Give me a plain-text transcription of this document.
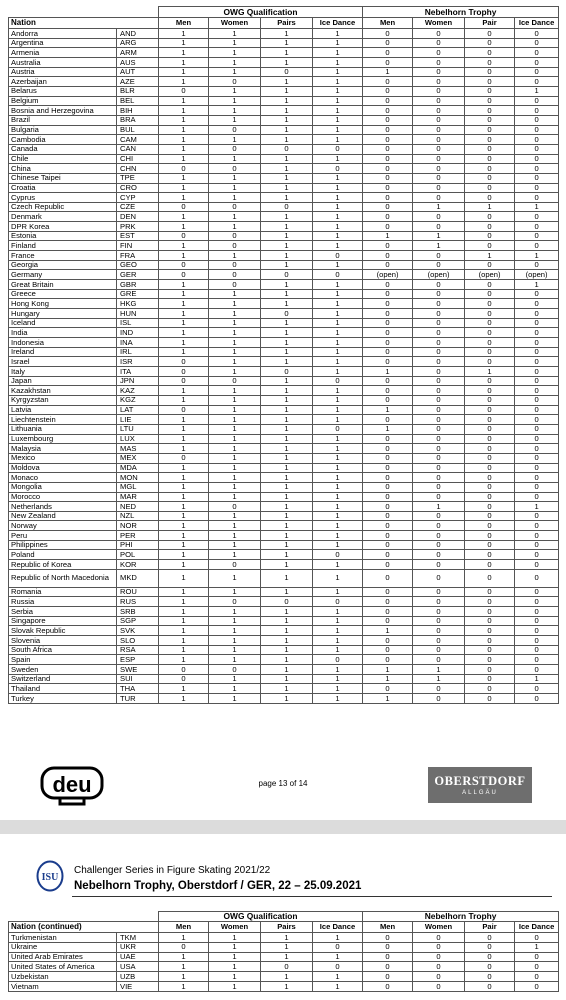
		OWG Qualification				Nebelhorn Trophy			
Nation		Men	Women	Pairs	Ice Dance	Men	Women	Pair	Ice Dance
Andorra	AND	1	1	1	1	0	0	0	0
Argentina	ARG	1	1	1	1	0	0	0	0
Armenia	ARM	1	1	1	1	0	0	0	0
Australia	AUS	1	1	1	1	0	0	0	0
Austria	AUT	1	1	0	1	1	0	0	0
Azerbaijan	AZE	1	0	1	1	0	0	0	0
Belarus	BLR	0	1	1	1	0	0	0	1
Belgium	BEL	1	1	1	1	0	0	0	0
Bosnia and Herzegovina	BIH	1	1	1	1	0	0	0	0
Brazil	BRA	1	1	1	1	0	0	0	0
Bulgaria	BUL	1	0	1	1	0	0	0	0
Cambodia	CAM	1	1	1	1	0	0	0	0
Canada	CAN	1	0	0	0	0	0	0	0
Chile	CHI	1	1	1	1	0	0	0	0
China	CHN	0	0	1	0	0	0	0	0
Chinese Taipei	TPE	1	1	1	1	0	0	0	0
Croatia	CRO	1	1	1	1	0	0	0	0
Cyprus	CYP	1	1	1	1	0	0	0	0
Czech Republic	CZE	0	0	0	1	0	1	1	1
Denmark	DEN	1	1	1	1	0	0	0	0
DPR Korea	PRK	1	1	1	1	0	0	0	0
Estonia	EST	0	0	1	1	1	1	0	0
Finland	FIN	1	0	1	1	0	1	0	0
France	FRA	1	1	1	0	0	0	1	1
Georgia	GEO	0	0	1	1	0	0	0	0
Germany	GER	0	0	0	0	(open)	(open)	(open)	(open)
Great Britain	GBR	1	0	1	1	0	0	0	1
Greece	GRE	1	1	1	1	0	0	0	0
Hong Kong	HKG	1	1	1	1	0	0	0	0
Hungary	HUN	1	1	0	1	0	0	0	0
Iceland	ISL	1	1	1	1	0	0	0	0
India	IND	1	1	1	1	0	0	0	0
Indonesia	INA	1	1	1	1	0	0	0	0
Ireland	IRL	1	1	1	1	0	0	0	0
Israel	ISR	0	1	1	1	0	0	0	0
Italy	ITA	0	1	0	1	1	0	1	0
Japan	JPN	0	0	1	0	0	0	0	0
Kazakhstan	KAZ	1	1	1	1	0	0	0	0
Kyrgyzstan	KGZ	1	1	1	1	0	0	0	0
Latvia	LAT	0	1	1	1	1	0	0	0
Liechtenstein	LIE	1	1	1	1	0	0	0	0
Lithuania	LTU	1	1	1	0	1	0	0	0
Luxembourg	LUX	1	1	1	1	0	0	0	0
Malaysia	MAS	1	1	1	1	0	0	0	0
Mexico	MEX	0	1	1	1	0	0	0	0
Moldova	MDA	1	1	1	1	0	0	0	0
Monaco	MON	1	1	1	1	0	0	0	0
Mongolia	MGL	1	1	1	1	0	0	0	0
Morocco	MAR	1	1	1	1	0	0	0	0
Netherlands	NED	1	0	1	1	0	1	0	1
New Zealand	NZL	1	1	1	1	0	0	0	0
Norway	NOR	1	1	1	1	0	0	0	0
Peru	PER	1	1	1	1	0	0	0	0
Philippines	PHI	1	1	1	1	0	0	0	0
Poland	POL	1	1	1	0	0	0	0	0
Republic of Korea	KOR	1	0	1	1	0	0	0	0
Republic of North Macedonia	MKD	1	1	1	1	0	0	0	0
Romania	ROU	1	1	1	1	0	0	0	0
Russia	RUS	1	0	0	0	0	0	0	0
Serbia	SRB	1	1	1	1	0	0	0	0
Singapore	SGP	1	1	1	1	0	0	0	0
Slovak Republic	SVK	1	1	1	1	1	0	0	0
Slovenia	SLO	1	1	1	1	0	0	0	0
South Africa	RSA	1	1	1	1	0	0	0	0
Spain	ESP	1	1	1	0	0	0	0	0
Sweden	SWE	0	0	1	1	1	1	0	0
Switzerland	SUI	0	1	1	1	1	1	0	1
Thailand	THA	1	1	1	1	0	0	0	0
Turkey	TUR	1	1	1	1	1	0	0	0
deu	page 13 of 14	OBERSTDORF
ALLGÄU
ISU
Challenger Series in Figure Skating 2021/22
Nebelhorn Trophy, Oberstdorf / GER, 22 – 25.09.2021
		OWG Qualification				Nebelhorn Trophy			
Nation (continued)		Men	Women	Pairs	Ice Dance	Men	Women	Pair	Ice Dance
Turkmenistan	TKM	1	1	1	1	0	0	0	0
Ukraine	UKR	0	1	1	0	0	0	0	1
United Arab Emirates	UAE	1	1	1	1	0	0	0	0
United States of America	USA	1	1	0	0	0	0	0	0
Uzbekistan	UZB	1	1	1	1	0	0	0	0
Vietnam	VIE	1	1	1	1	0	0	0	0
